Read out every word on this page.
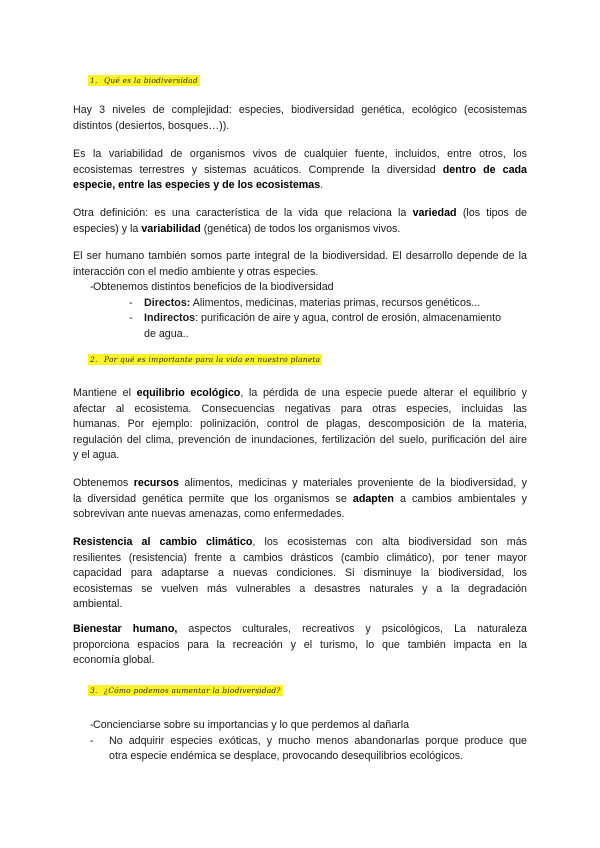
1. Qué es la biodiversidad
Hay 3 niveles de complejidad: especies, biodiversidad genética, ecológico (ecosistemas
distintos (desiertos, bosques…)).
Es la variabilidad de organismos vivos de cualquier fuente, incluidos, entre otros, los
ecosistemas terrestres y sistemas acuáticos. Comprende la diversidad dentro de cada
especie, entre las especies y de los ecosistemas.
Otra definición: es una característica de la vida que relaciona la variedad (los tipos de
especies) y la variabilidad (genética) de todos los organismos vivos.
El ser humano también somos parte integral de la biodiversidad. El desarrollo depende de la
interacción con el medio ambiente y otras especies.
- Obtenemos distintos beneficios de la biodiversidad
- Directos: Alimentos, medicinas, materias primas, recursos genéticos...
- Indirectos: purificación de aire y agua, control de erosión, almacenamiento
de agua..
2. Por qué es importante para la vida en nuestro planeta
Mantiene el equilibrio ecológico, la pérdida de una especie puede alterar el equilibrio y
afectar al ecosistema. Consecuencias negativas para otras especies, incluidas las
humanas. Por ejemplo: polinización, control de plagas, descomposición de la materia,
regulación del clima, prevención de inundaciones, fertilización del suelo, purificación del aire
y el agua.
Obtenemos recursos alimentos, medicinas y materiales proveniente de la biodiversidad, y
la diversidad genética permite que los organismos se adapten a cambios ambientales y
sobrevivan ante nuevas amenazas, como enfermedades.
Resistencia al cambio climático, los ecosistemas con alta biodiversidad son más
resilientes (resistencia) frente a cambios drásticos (cambio climático), por tener mayor
capacidad para adaptarse a nuevas condiciones. Si disminuye la biodiversidad, los
ecosistemas se vuelven más vulnerables a desastres naturales y a la degradación
ambiental.
Bienestar humano, aspectos culturales, recreativos y psicológicos, La naturaleza
proporciona espacios para la recreación y el turismo, lo que también impacta en la
economía global.
3. ¿Cómo podemos aumentar la biodiversidad?
- Concienciarse sobre su importancias y lo que perdemos al dañarla
-	No adquirir especies exóticas, y mucho menos abandonarlas porque produce que
otra especie endémica se desplace, provocando desequilibrios ecológicos.
